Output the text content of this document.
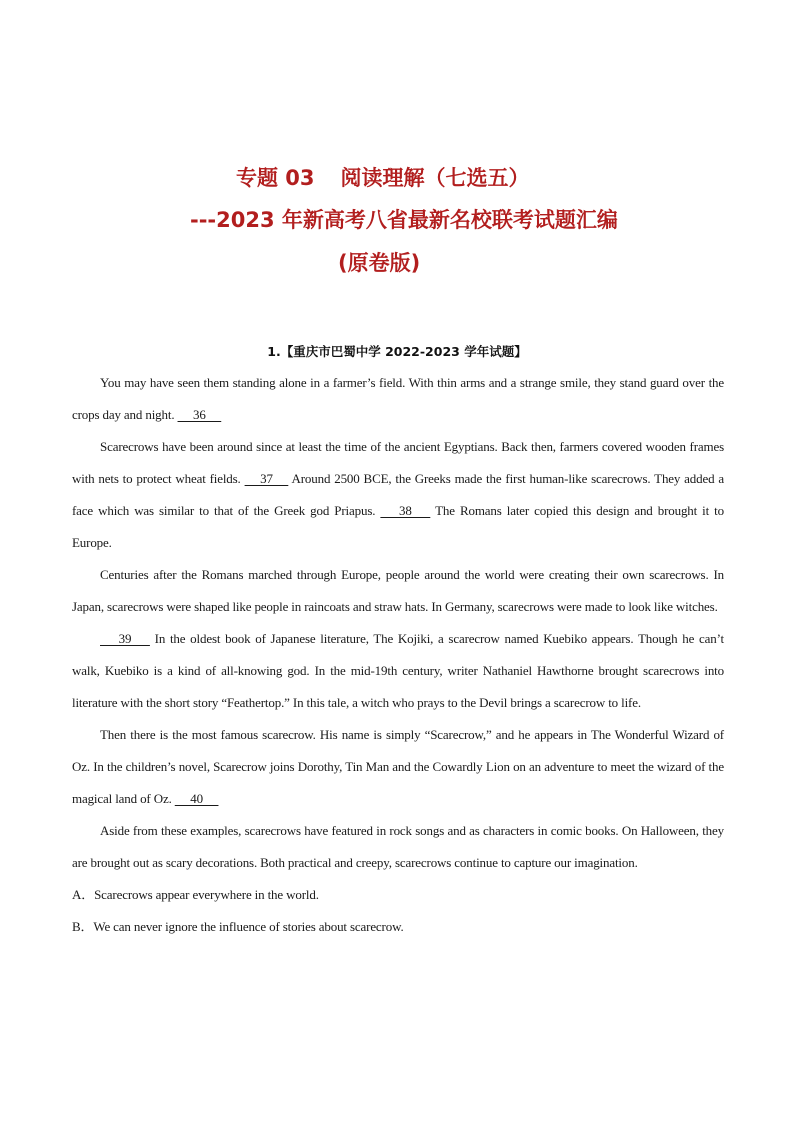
专题 03 阅读理解（七选五）
---2023 年新高考八省最新名校联考试题汇编
(原卷版)
1.【重庆市巴蜀中学 2022-2023 学年试题】

You may have seen them standing alone in a farmer’s field. With thin arms and a strange smile, they stand guard over the crops day and night.      36

Scarecrows have been around since at least the time of the ancient Egyptians. Back then, farmers covered wooden frames with nets to protect wheat fields.      37      Around 2500 BCE, the Greeks made the first human-like scarecrows. They added a face which was similar to that of the Greek god Priapus.       38       The Romans later copied this design and brought it to Europe.

Centuries after the Romans marched through Europe, people around the world were creating their own scarecrows. In Japan, scarecrows were shaped like people in raincoats and straw hats. In Germany, scarecrows were made to look like witches.

39       In the oldest book of Japanese literature, The Kojiki, a scarecrow named Kuebiko appears. Though he can’t walk, Kuebiko is a kind of all-knowing god. In the mid-19th century, writer Nathaniel Hawthorne brought scarecrows into literature with the short story “Feathertop.” In this tale, a witch who prays to the Devil brings a scarecrow to life.

Then there is the most famous scarecrow. His name is simply “Scarecrow,” and he appears in The Wonderful Wizard of Oz. In the children’s novel, Scarecrow joins Dorothy, Tin Man and the Cowardly Lion on an adventure to meet the wizard of the magical land of Oz.      40

Aside from these examples, scarecrows have featured in rock songs and as characters in comic books. On Halloween, they are brought out as scary decorations. Both practical and creepy, scarecrows continue to capture our imagination.

A．Scarecrows appear everywhere in the world.

B．We can never ignore the influence of stories about scarecrow.
